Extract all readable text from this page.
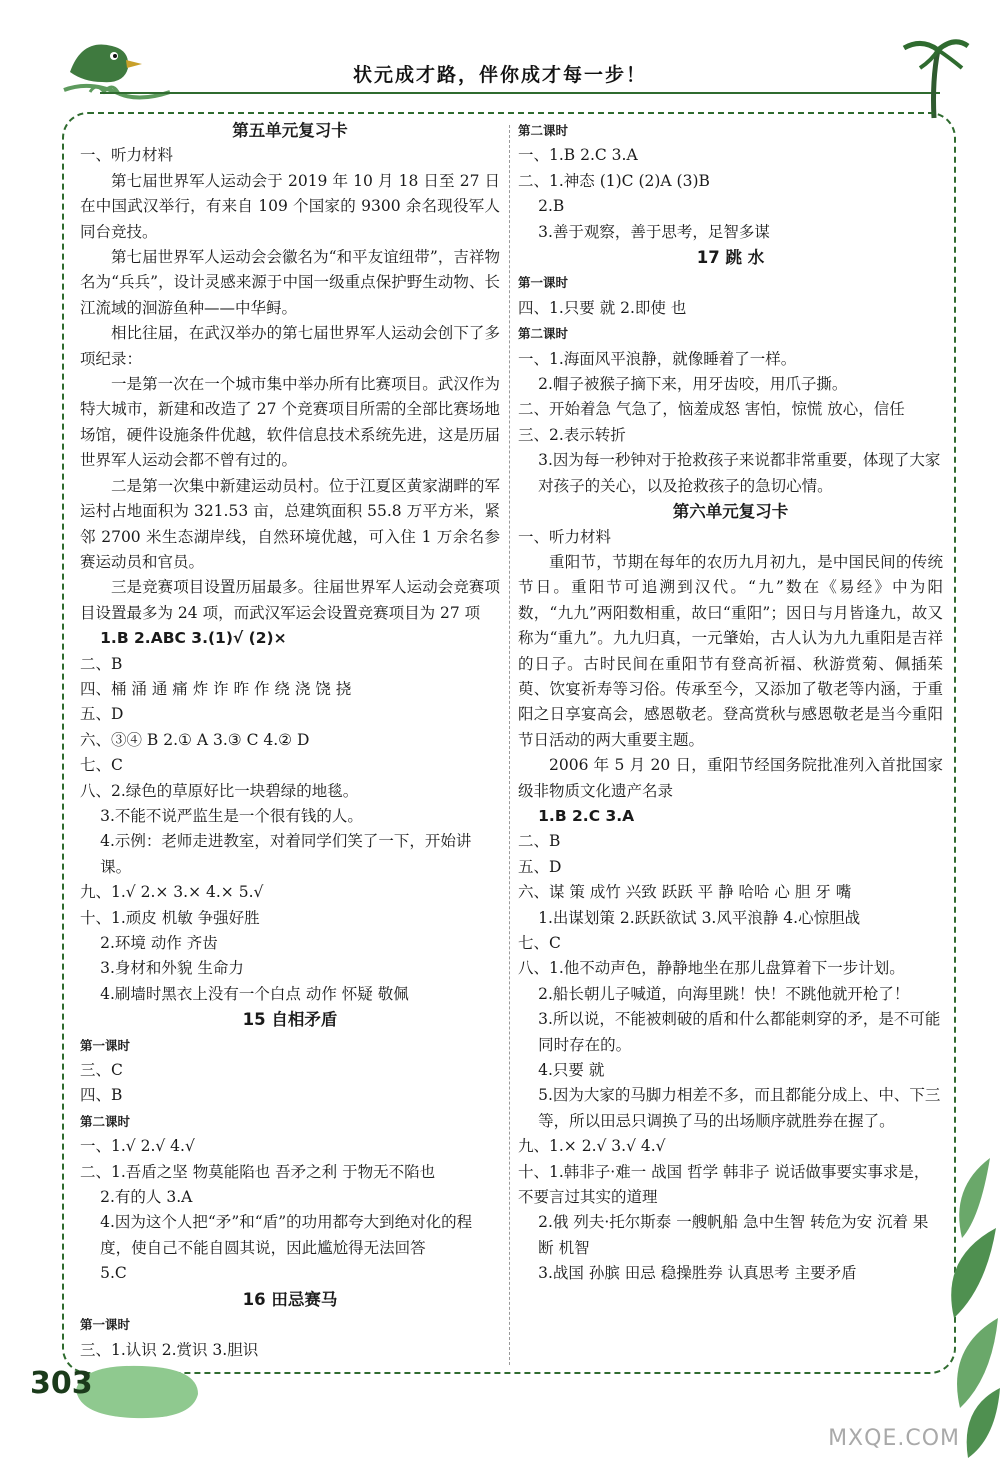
状元成才路，伴你成才每一步！

第五单元复习卡

一、听力材料

第七届世界军人运动会于 2019 年 10 月 18 日至 27 日在中国武汉举行，有来自 109 个国家的 9300 余名现役军人同台竞技。

第七届世界军人运动会会徽名为“和平友谊纽带”，吉祥物名为“兵兵”，设计灵感来源于中国一级重点保护野生动物、长江流域的洄游鱼种——中华鲟。

相比往届，在武汉举办的第七届世界军人运动会创下了多项纪录：

一是第一次在一个城市集中举办所有比赛项目。武汉作为特大城市，新建和改造了 27 个竞赛项目所需的全部比赛场地场馆，硬件设施条件优越，软件信息技术系统先进，这是历届世界军人运动会都不曾有过的。

二是第一次集中新建运动员村。位于江夏区黄家湖畔的军运村占地面积为 321.53 亩，总建筑面积 55.8 万平方米，紧邻 2700 米生态湖岸线，自然环境优越，可入住 1 万余名参赛运动员和官员。

三是竞赛项目设置历届最多。往届世界军人运动会竞赛项目设置最多为 24 项，而武汉军运会设置竞赛项目为 27 项

1.B 2.ABC 3.(1)√ (2)×

二、B

四、桶 涌 通 痛 炸 诈 昨 作 绕 浇 饶 挠

五、D

六、③④ B 2.① A 3.③ C 4.② D

七、C

八、2.绿色的草原好比一块碧绿的地毯。

3.不能不说严监生是一个很有钱的人。

4.示例：老师走进教室，对着同学们笑了一下，开始讲课。

九、1.√ 2.× 3.× 4.× 5.√

十、1.顽皮 机敏 争强好胜

2.环境 动作 齐齿

3.身材和外貌 生命力

4.刷墙时黑衣上没有一个白点 动作 怀疑 敬佩

15 自相矛盾

第一课时

三、C

四、B

第二课时

一、1.√ 2.√ 4.√

二、1.吾盾之坚 物莫能陷也 吾矛之利 于物无不陷也

2.有的人 3.A

4.因为这个人把“矛”和“盾”的功用都夸大到绝对化的程度，使自己不能自圆其说，因此尴尬得无法回答

5.C

16 田忌赛马

第一课时

三、1.认识 2.赏识 3.胆识

第二课时

一、1.B 2.C 3.A

二、1.神态 (1)C (2)A (3)B

2.B

3.善于观察，善于思考，足智多谋

17 跳 水

第一课时

四、1.只要 就 2.即使 也

第二课时

一、1.海面风平浪静，就像睡着了一样。

2.帽子被猴子摘下来，用牙齿咬，用爪子撕。

二、开始着急 气急了，恼羞成怒 害怕，惊慌 放心，信任

三、2.表示转折

3.因为每一秒钟对于抢救孩子来说都非常重要，体现了大家对孩子的关心，以及抢救孩子的急切心情。

第六单元复习卡

一、听力材料

重阳节，节期在每年的农历九月初九，是中国民间的传统节日。重阳节可追溯到汉代。“九”数在《易经》中为阳数，“九九”两阳数相重，故曰“重阳”；因日与月皆逢九，故又称为“重九”。九九归真，一元肇始，古人认为九九重阳是吉祥的日子。古时民间在重阳节有登高祈福、秋游赏菊、佩插茱萸、饮宴祈寿等习俗。传承至今，又添加了敬老等内涵，于重阳之日享宴高会，感恩敬老。登高赏秋与感恩敬老是当今重阳节日活动的两大重要主题。

2006 年 5 月 20 日，重阳节经国务院批准列入首批国家级非物质文化遗产名录

1.B 2.C 3.A

二、B

五、D

六、谋 策 成竹 兴致 跃跃 平 静 哈哈 心 胆 牙 嘴

1.出谋划策 2.跃跃欲试 3.风平浪静 4.心惊胆战

七、C

八、1.他不动声色，静静地坐在那儿盘算着下一步计划。

2.船长朝儿子喊道，向海里跳！快！不跳他就开枪了！

3.所以说，不能被刺破的盾和什么都能刺穿的矛，是不可能同时存在的。

4.只要 就

5.因为大家的马脚力相差不多，而且都能分成上、中、下三等，所以田忌只调换了马的出场顺序就胜券在握了。

九、1.× 2.√ 3.√ 4.√

十、1.韩非子·难一 战国 哲学 韩非子 说话做事要实事求是，不要言过其实的道理

2.俄 列夫·托尔斯泰 一艘帆船 急中生智 转危为安 沉着 果断 机智

3.战国 孙膑 田忌 稳操胜券 认真思考 主要矛盾

303
MXQE.COM
